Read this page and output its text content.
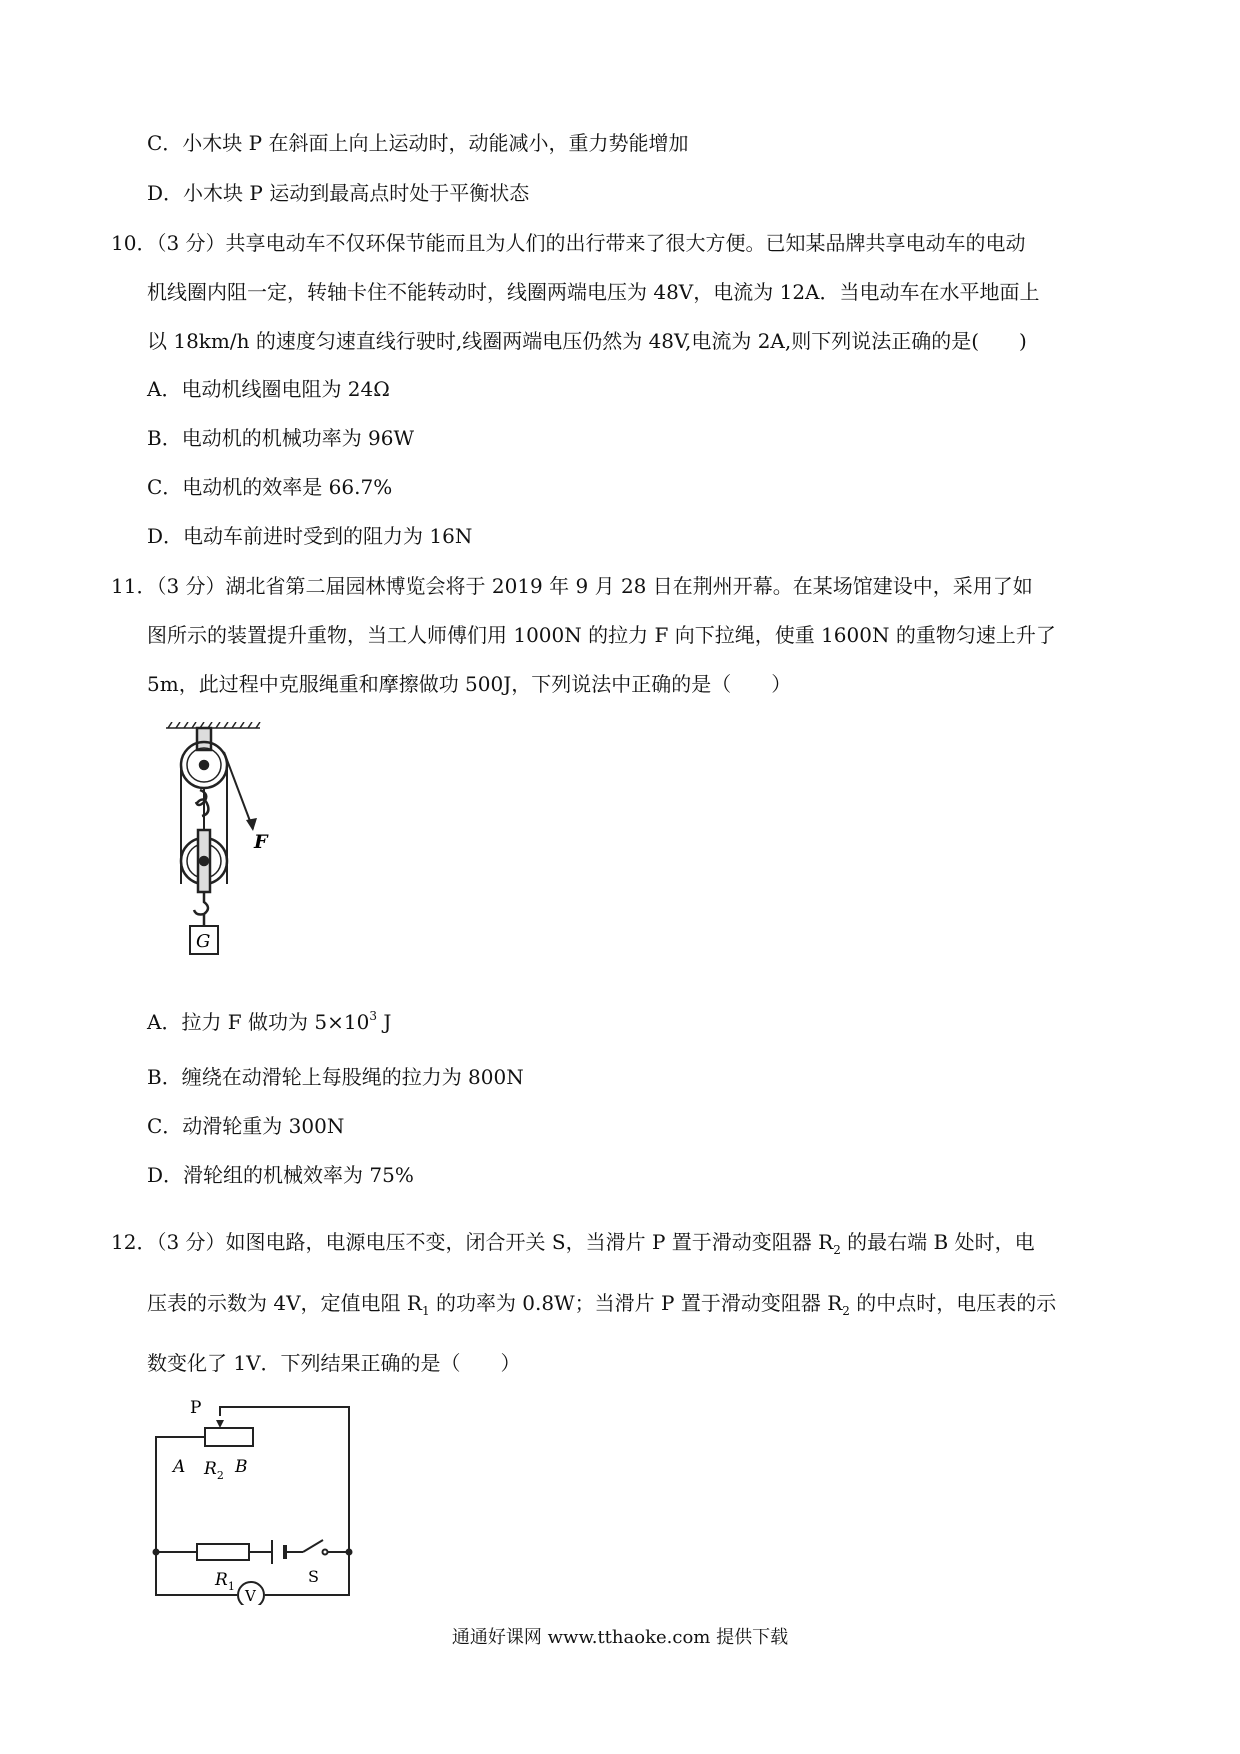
C．小木块 P 在斜面上向上运动时，动能减小，重力势能增加
D．小木块 P 运动到最高点时处于平衡状态
10．（3 分）共享电动车不仅环保节能而且为人们的出行带来了很大方便。已知某品牌共享电动车的电动
机线圈内阻一定，转轴卡住不能转动时，线圈两端电压为 48V，电流为 12A．当电动车在水平地面上
以 18km/h 的速度匀速直线行驶时,线圈两端电压仍然为 48V,电流为 2A,则下列说法正确的是(　　)
A．电动机线圈电阻为 24Ω
B．电动机的机械功率为 96W
C．电动机的效率是 66.7%
D．电动车前进时受到的阻力为 16N
11．（3 分）湖北省第二届园林博览会将于 2019 年 9 月 28 日在荆州开幕。在某场馆建设中，采用了如
图所示的装置提升重物，当工人师傅们用 1000N 的拉力 F 向下拉绳，使重 1600N 的重物匀速上升了
5m，此过程中克服绳重和摩擦做功 500J，下列说法中正确的是（　　）
F
G
A．拉力 F 做功为 $5\times 10^3$ J
B．缠绕在动滑轮上每股绳的拉力为 800N
C．动滑轮重为 300N
D．滑轮组的机械效率为 75%
12．（3 分）如图电路，电源电压不变，闭合开关 S，当滑片 P 置于滑动变阻器 $R_2$ 的最右端 B 处时，电
压表的示数为 4V，定值电阻 $R_1$ 的功率为 0.8W；当滑片 P 置于滑动变阻器 $R_2$ 的中点时，电压表的示
数变化了 1V．下列结果正确的是（　　）
P
A $R_2$ B
$R_1$
S
V
通通好课网 www.tthaoke.com 提供下载
